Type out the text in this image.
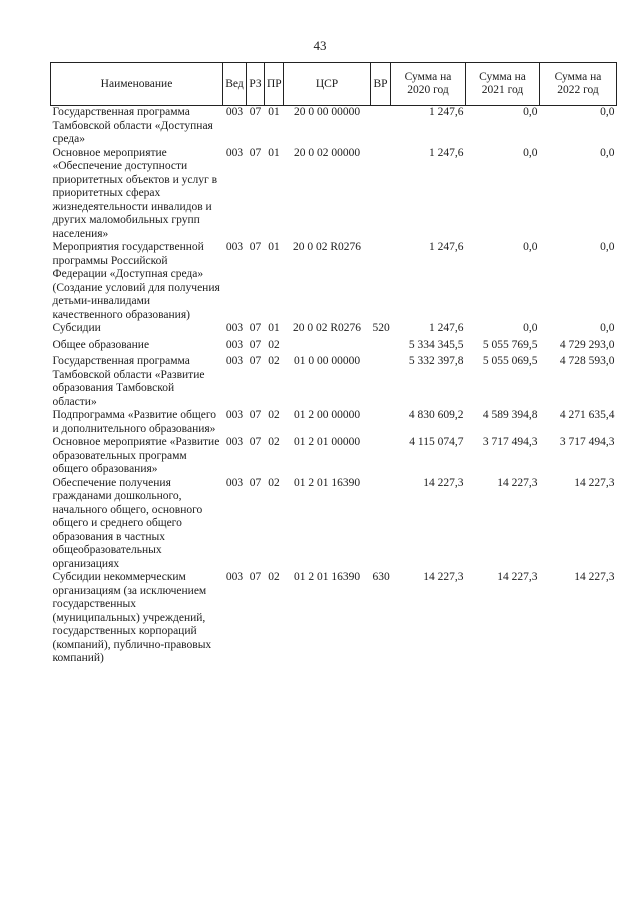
43
Наименование	Вед	РЗ	ПР	ЦСР	ВР	Сумма на 2020 год	Сумма на 2021 год	Сумма на 2022 год
Государственная программа Тамбовской области «Доступная среда»	003	07	01	20 0 00 00000		1 247,6	0,0	0,0
Основное мероприятие «Обеспечение доступности приоритетных объектов и услуг в приоритетных сферах жизнедеятельности инвалидов и других маломобильных групп населения»	003	07	01	20 0 02 00000		1 247,6	0,0	0,0
Мероприятия государственной программы Российской Федерации «Доступная среда» (Создание условий для получения детьми-инвалидами качественного образования)	003	07	01	20 0 02 R0276		1 247,6	0,0	0,0
Субсидии	003	07	01	20 0 02 R0276	520	1 247,6	0,0	0,0
Общее образование	003	07	02			5 334 345,5	5 055 769,5	4 729 293,0
Государственная программа Тамбовской области «Развитие образования Тамбовской области»	003	07	02	01 0 00 00000		5 332 397,8	5 055 069,5	4 728 593,0
Подпрограмма «Развитие общего и дополнительного образования»	003	07	02	01 2 00 00000		4 830 609,2	4 589 394,8	4 271 635,4
Основное мероприятие «Развитие образовательных программ общего образования»	003	07	02	01 2 01 00000		4 115 074,7	3 717 494,3	3 717 494,3
Обеспечение получения гражданами дошкольного, начального общего, основного общего и среднего общего образования в частных общеобразовательных организациях	003	07	02	01 2 01 16390		14 227,3	14 227,3	14 227,3
Субсидии некоммерческим организациям (за исключением государственных (муниципальных) учреждений, государственных корпораций (компаний), публично-правовых компаний)	003	07	02	01 2 01 16390	630	14 227,3	14 227,3	14 227,3
